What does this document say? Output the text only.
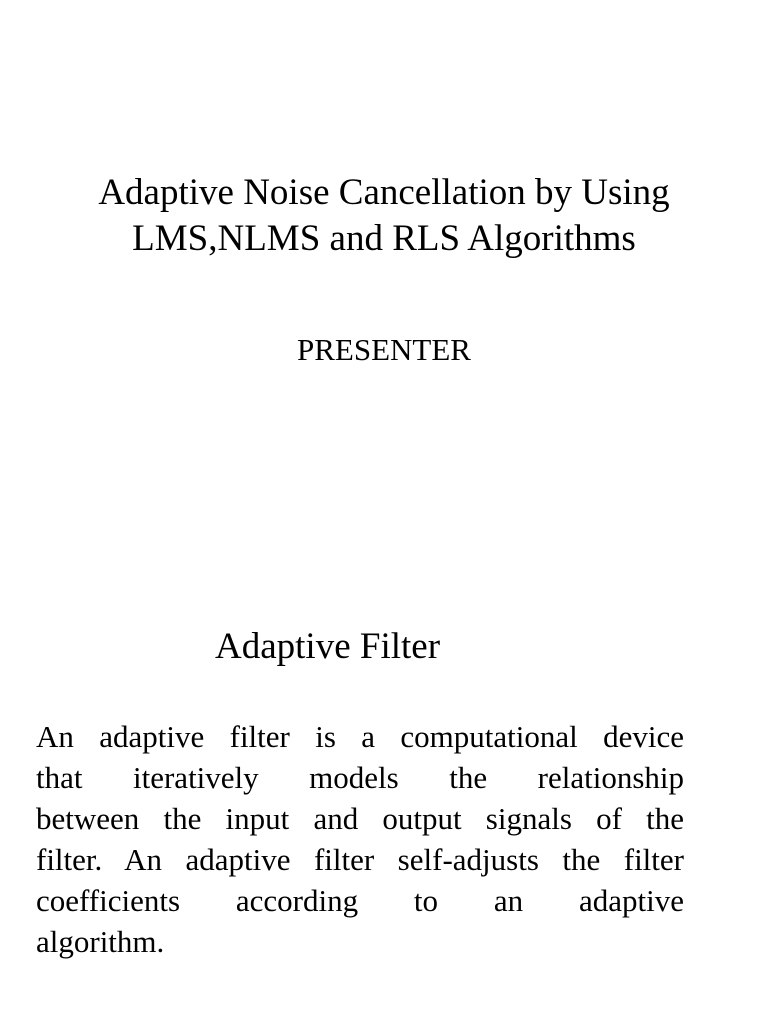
Adaptive Noise Cancellation by Using
LMS,NLMS and RLS Algorithms
PRESENTER
Adaptive Filter
An adaptive filter is a computational device
that iteratively models the relationship
between the input and output signals of the
filter. An adaptive filter self-adjusts the filter
coefficients according to an adaptive
algorithm.
